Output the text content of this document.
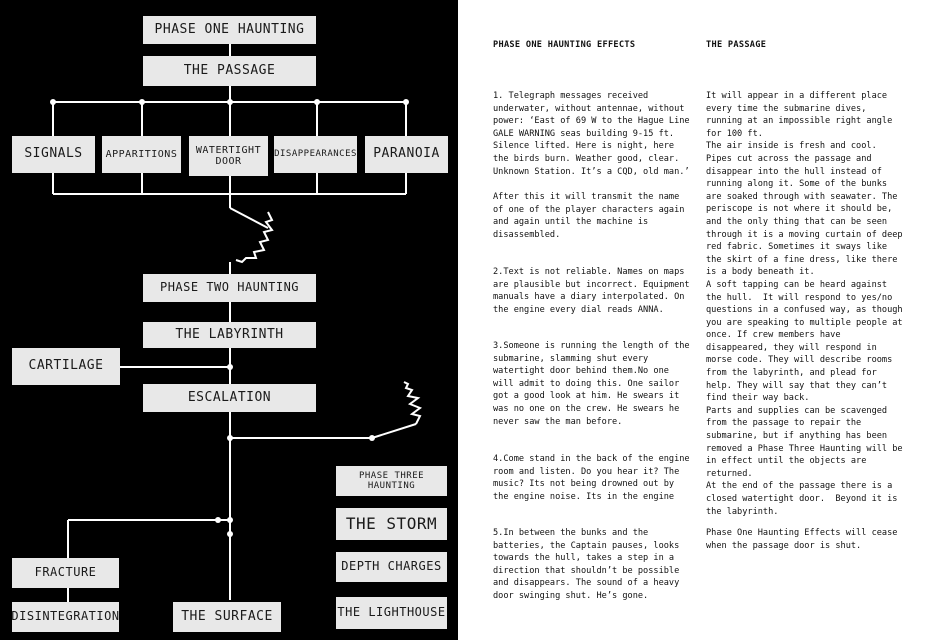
PHASE ONE HAUNTING
THE PASSAGE
SIGNALS APPARITIONS WATERTIGHT
DOOR
DISAPPEARANCES PARANOIA
PHASE TWO HAUNTING
THE LABYRINTH
CARTILAGE
ESCALATION
PHASE THREE HAUNTING
THE STORM
DEPTH CHARGES
THE LIGHTHOUSE
FRACTURE
DISINTEGRATION	THE SURFACE
PHASE ONE HAUNTING EFFECTS	THE PASSAGE

1. Telegraph messages received
underwater, without antennae, without
power: ‘East of 69 W to the Hague Line
GALE WARNING seas building 9-15 ft.
Silence lifted. Here is night, here
the birds burn. Weather good, clear.
Unknown Station. It’s a CQD, old man.’

After this it will transmit the name
of one of the player characters again
and again until the machine is
disassembled.

2.Text is not reliable. Names on maps
are plausible but incorrect. Equipment
manuals have a diary interpolated. On
the engine every dial reads ANNA.

3.Someone is running the length of the
submarine, slamming shut every
watertight door behind them.No one
will admit to doing this. One sailor
got a good look at him. He swears it
was no one on the crew. He swears he
never saw the man before.

4.Come stand in the back of the engine
room and listen. Do you hear it? The
music? Its not being drowned out by
the engine noise. Its in the engine

5.In between the bunks and the
batteries, the Captain pauses, looks
towards the hull, takes a step in a
direction that shouldn’t be possible
and disappears. The sound of a heavy
door swinging shut. He’s gone.

It will appear in a different place
every time the submarine dives,
running at an impossible right angle
for 100 ft.
The air inside is fresh and cool.
Pipes cut across the passage and
disappear into the hull instead of
running along it. Some of the bunks
are soaked through with seawater. The
periscope is not where it should be,
and the only thing that can be seen
through it is a moving curtain of deep
red fabric. Sometimes it sways like
the skirt of a fine dress, like there
is a body beneath it.
A soft tapping can be heard against
the hull.  It will respond to yes/no
questions in a confused way, as though
you are speaking to multiple people at
once. If crew members have
disappeared, they will respond in
morse code. They will describe rooms
from the labyrinth, and plead for
help. They will say that they can’t
find their way back.
Parts and supplies can be scavenged
from the passage to repair the
submarine, but if anything has been
removed a Phase Three Haunting will be
in effect until the objects are
returned.
At the end of the passage there is a
closed watertight door.  Beyond it is
the labyrinth.

Phase One Haunting Effects will cease
when the passage door is shut.
